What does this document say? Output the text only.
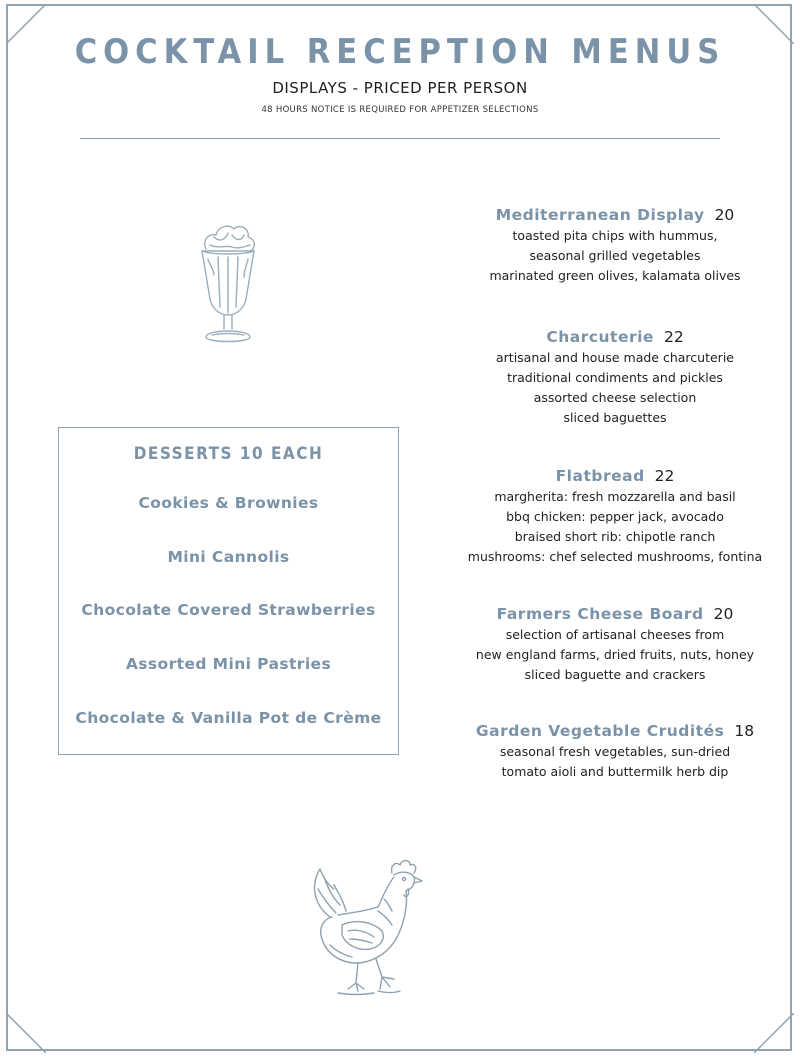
COCKTAIL RECEPTION MENUS
DISPLAYS - PRICED PER PERSON
48 HOURS NOTICE IS REQUIRED FOR APPETIZER SELECTIONS
DESSERTS 10 EACH
Cookies & Brownies
Mini Cannolis
Chocolate Covered Strawberries
Assorted Mini Pastries
Chocolate & Vanilla Pot de Crème
Mediterranean Display 20
toasted pita chips with hummus,
seasonal grilled vegetables
marinated green olives, kalamata olives
Charcuterie 22
artisanal and house made charcuterie
traditional condiments and pickles
assorted cheese selection
sliced baguettes
Flatbread 22
margherita: fresh mozzarella and basil
bbq chicken: pepper jack, avocado
braised short rib: chipotle ranch
mushrooms: chef selected mushrooms, fontina
Farmers Cheese Board 20
selection of artisanal cheeses from
new england farms, dried fruits, nuts, honey
sliced baguette and crackers
Garden Vegetable Crudités 18
seasonal fresh vegetables, sun-dried
tomato aioli and buttermilk herb dip
